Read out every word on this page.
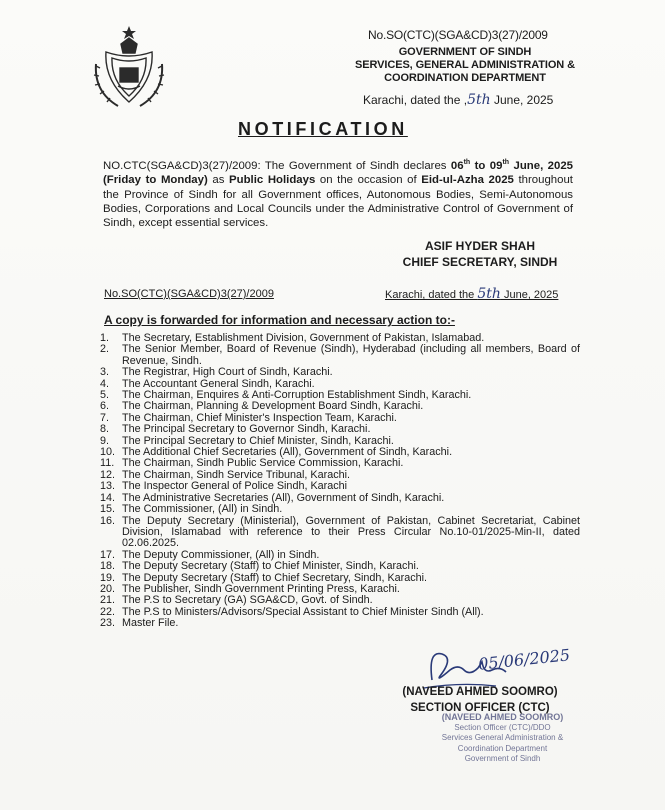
No.SO(CTC)(SGA&CD)3(27)/2009
GOVERNMENT OF SINDH
SERVICES, GENERAL ADMINISTRATION &
COORDINATION DEPARTMENT
Karachi, dated the ,5th June, 2025
NOTIFICATION
NO.CTC(SGA&CD)3(27)/2009: The Government of Sindh declares 06th to 09th June, 2025 (Friday to Monday) as Public Holidays on the occasion of Eid-ul-Azha 2025 throughout the Province of Sindh for all Government offices, Autonomous Bodies, Semi-Autonomous Bodies, Corporations and Local Councils under the Administrative Control of Government of Sindh, except essential services.
ASIF HYDER SHAH
CHIEF SECRETARY, SINDH
No.SO(CTC)(SGA&CD)3(27)/2009	Karachi, dated the 5th June, 2025
A copy is forwarded for information and necessary action to:-
1.	The Secretary, Establishment Division, Government of Pakistan, Islamabad.
2.	The Senior Member, Board of Revenue (Sindh), Hyderabad (including all members, Board of Revenue, Sindh.
3.	The Registrar, High Court of Sindh, Karachi.
4.	The Accountant General Sindh, Karachi.
5.	The Chairman, Enquires & Anti-Corruption Establishment Sindh, Karachi.
6.	The Chairman, Planning & Development Board Sindh, Karachi.
7.	The Chairman, Chief Minister's Inspection Team, Karachi.
8.	The Principal Secretary to Governor Sindh, Karachi.
9.	The Principal Secretary to Chief Minister, Sindh, Karachi.
10. The Additional Chief Secretaries (All), Government of Sindh, Karachi.
11. The Chairman, Sindh Public Service Commission, Karachi.
12. The Chairman, Sindh Service Tribunal, Karachi.
13. The Inspector General of Police Sindh, Karachi
14. The Administrative Secretaries (All), Government of Sindh, Karachi.
15. The Commissioner, (All) in Sindh.
16. The Deputy Secretary (Ministerial), Government of Pakistan, Cabinet Secretariat, Cabinet Division, Islamabad with reference to their Press Circular No.10-01/2025-Min-II, dated 02.06.2025.
17. The Deputy Commissioner, (All) in Sindh.
18. The Deputy Secretary (Staff) to Chief Minister, Sindh, Karachi.
19. The Deputy Secretary (Staff) to Chief Secretary, Sindh, Karachi.
20. The Publisher, Sindh Government Printing Press, Karachi.
21. The P.S to Secretary (GA) SGA&CD, Govt. of Sindh.
22. The P.S to Ministers/Advisors/Special Assistant to Chief Minister Sindh (All).
23. Master File.
05/06/2025
(NAVEED AHMED SOOMRO)
SECTION OFFICER (CTC)
(NAVEED AHMED SOOMRO)
Section Officer (CTC)/DDO
Services General Administration &
Coordination Department
Government of Sindh
